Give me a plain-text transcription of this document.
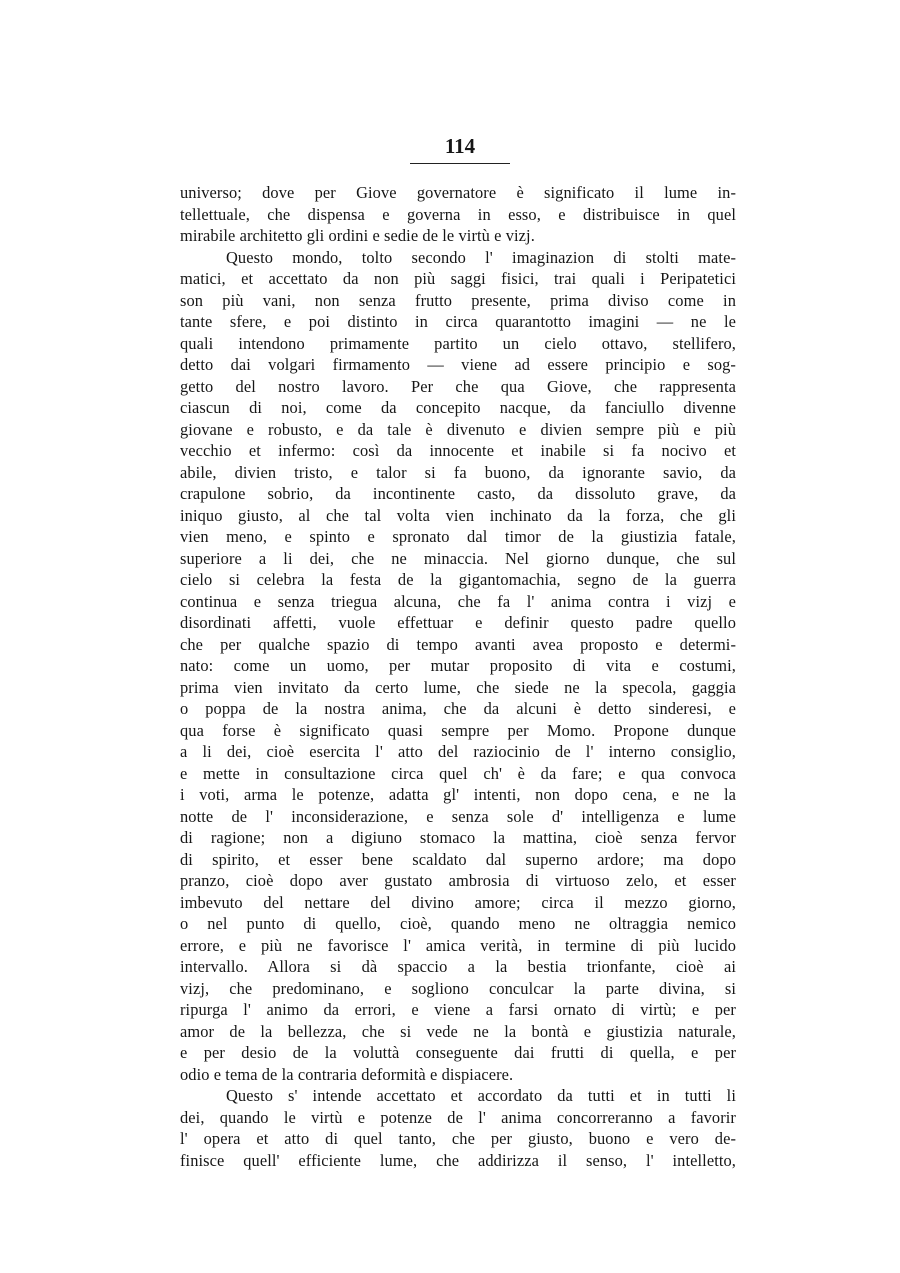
114
universo; dove per Giove governatore è significato il lume in-
tellettuale, che dispensa e governa in esso, e distribuisce in quel
mirabile architetto gli ordini e sedie de le virtù e vizj.
Questo mondo, tolto secondo l' imaginazion di stolti mate-
matici, et accettato da non più saggi fisici, trai quali i Peripatetici
son più vani, non senza frutto presente, prima diviso come in
tante sfere, e poi distinto in circa quarantotto imagini — ne le
quali intendono primamente partito un cielo ottavo, stellifero,
detto dai volgari firmamento — viene ad essere principio e sog-
getto del nostro lavoro. Per che qua Giove, che rappresenta
ciascun di noi, come da concepito nacque, da fanciullo divenne
giovane e robusto, e da tale è divenuto e divien sempre più e più
vecchio et infermo: così da innocente et inabile si fa nocivo et
abile, divien tristo, e talor si fa buono, da ignorante savio, da
crapulone sobrio, da incontinente casto, da dissoluto grave, da
iniquo giusto, al che tal volta vien inchinato da la forza, che gli
vien meno, e spinto e spronato dal timor de la giustizia fatale,
superiore a li dei, che ne minaccia. Nel giorno dunque, che sul
cielo si celebra la festa de la gigantomachia, segno de la guerra
continua e senza triegua alcuna, che fa l' anima contra i vizj e
disordinati affetti, vuole effettuar e definir questo padre quello
che per qualche spazio di tempo avanti avea proposto e determi-
nato: come un uomo, per mutar proposito di vita e costumi,
prima vien invitato da certo lume, che siede ne la specola, gaggia
o poppa de la nostra anima, che da alcuni è detto sinderesi, e
qua forse è significato quasi sempre per Momo. Propone dunque
a li dei, cioè esercita l' atto del raziocinio de l' interno consiglio,
e mette in consultazione circa quel ch' è da fare; e qua convoca
i voti, arma le potenze, adatta gl' intenti, non dopo cena, e ne la
notte de l' inconsiderazione, e senza sole d' intelligenza e lume
di ragione; non a digiuno stomaco la mattina, cioè senza fervor
di spirito, et esser bene scaldato dal superno ardore; ma dopo
pranzo, cioè dopo aver gustato ambrosia di virtuoso zelo, et esser
imbevuto del nettare del divino amore; circa il mezzo giorno,
o nel punto di quello, cioè, quando meno ne oltraggia nemico
errore, e più ne favorisce l' amica verità, in termine di più lucido
intervallo. Allora si dà spaccio a la bestia trionfante, cioè ai
vizj, che predominano, e sogliono conculcar la parte divina, si
ripurga l' animo da errori, e viene a farsi ornato di virtù; e per
amor de la bellezza, che si vede ne la bontà e giustizia naturale,
e per desio de la voluttà conseguente dai frutti di quella, e per
odio e tema de la contraria deformità e dispiacere.
Questo s' intende accettato et accordato da tutti et in tutti li
dei, quando le virtù e potenze de l' anima concorreranno a favorir
l' opera et atto di quel tanto, che per giusto, buono e vero de-
finisce quell' efficiente lume, che addirizza il senso, l' intelletto,
